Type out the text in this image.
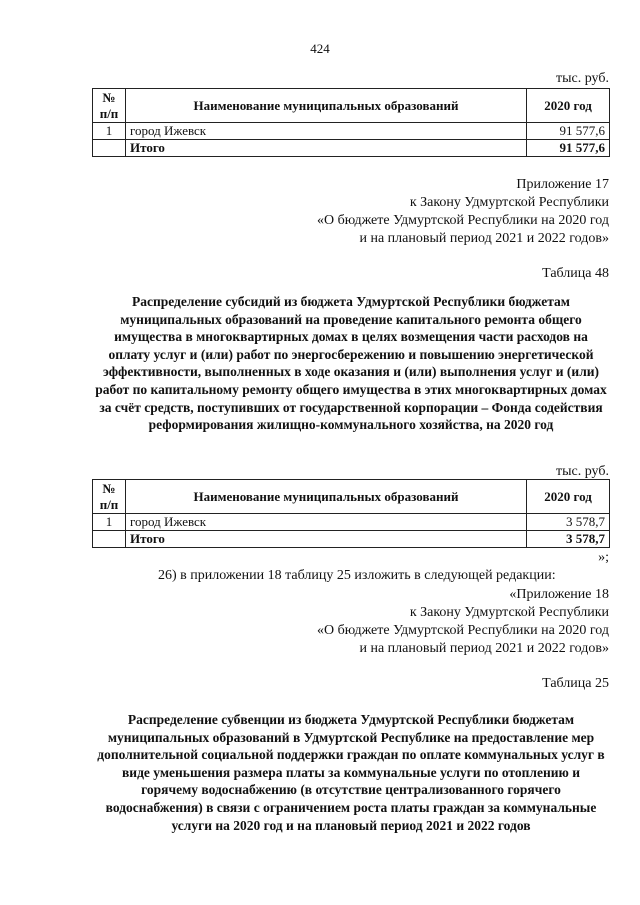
424
тыс. руб.
№ п/п	Наименование муниципальных образований	2020 год
1	город Ижевск	91 577,6
	Итого	91 577,6
Приложение 17
к Закону Удмуртской Республики
«О бюджете Удмуртской Республики на 2020 год
и на плановый период 2021 и 2022 годов»
Таблица 48

Распределение субсидий из бюджета Удмуртской Республики бюджетам муниципальных образований на проведение капитального ремонта общего имущества в многоквартирных домах в целях возмещения части расходов на оплату услуг и (или) работ по энергосбережению и повышению энергетической эффективности, выполненных в ходе оказания и (или) выполнения услуг и (или) работ по капитальному ремонту общего имущества в этих многоквартирных домах за счёт средств, поступивших от государственной корпорации – Фонда содействия реформирования жилищно-коммунального хозяйства, на 2020 год

тыс. руб.
№ п/п	Наименование муниципальных образований	2020 год
1	город Ижевск	3 578,7
	Итого	3 578,7
»;
26) в приложении 18 таблицу 25 изложить в следующей редакции:
«Приложение 18
к Закону Удмуртской Республики
«О бюджете Удмуртской Республики на 2020 год
и на плановый период 2021 и 2022 годов»
Таблица 25

Распределение субвенции из бюджета Удмуртской Республики бюджетам муниципальных образований в Удмуртской Республике на предоставление мер дополнительной социальной поддержки граждан по оплате коммунальных услуг в виде уменьшения размера платы за коммунальные услуги по отоплению и горячему водоснабжению (в отсутствие централизованного горячего водоснабжения) в связи с ограничением роста платы граждан за коммунальные услуги на 2020 год и на плановый период 2021 и 2022 годов
